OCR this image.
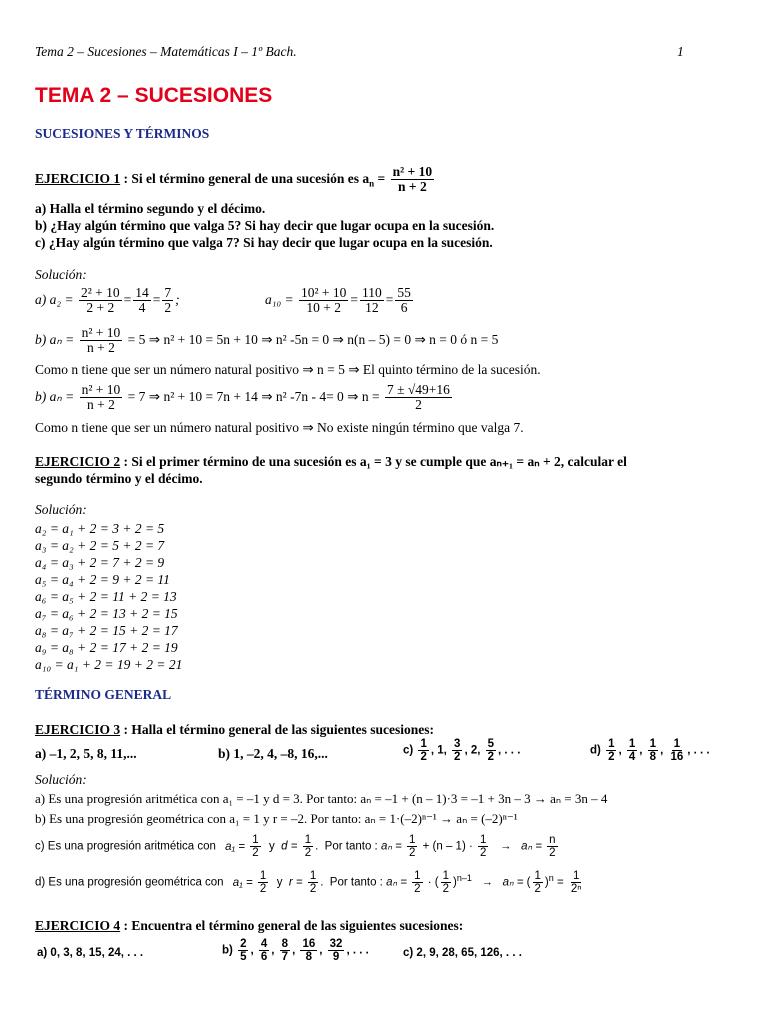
Tema 2 – Sucesiones – Matemáticas I – 1º Bach.	1
TEMA 2 – SUCESIONES
SUCESIONES Y TÉRMINOS
EJERCICIO 1 : Si el término general de una sucesión es $a_n = \frac{\text{n² + 10}}{n + 2}$
a) Halla el término segundo y el décimo.
b) ¿Hay algún término que valga 5? Si hay decir que lugar ocupa en la sucesión.
c) ¿Hay algún término que valga 7? Si hay decir que lugar ocupa en la sucesión.
Solución:
a) $a_2 = \frac{\text{2² + 10}}{2 + 2} = \frac{14}{4} = \frac{7}{2}$ ;	$a_{10} = \frac{\text{10² + 10}}{10 + 2} = \frac{110}{12} = \frac{55}{6}$
b) $a_n = \frac{\text{n² + 10}}{n + 2} = 5$ ⇒ n² + 10 = 5n + 10 ⇒ n² -5n = 0 ⇒ n(n – 5) = 0 ⇒ n = 0 ó n = 5
Como n tiene que ser un número natural positivo ⇒ n = 5 ⇒ El quinto término de la sucesión.
b) $a_n = \frac{\text{n² + 10}}{n + 2} = 7$ ⇒ n² + 10 = 7n + 14 ⇒ n² -7n - 4= 0 ⇒ $n = \frac{7 \pm √49+16}{2}$
Como n tiene que ser un número natural positivo ⇒ No existe ningún término que valga 7.
EJERCICIO 2 : Si el primer término de una sucesión es a₁ = 3 y se cumple que aₙ₊₁ = aₙ + 2, calcular el
segundo término y el décimo.
Solución:
a₂ = a₁ + 2 = 3 + 2 = 5
a₃ = a₂ + 2 = 5 + 2 = 7
a₄ = a₃ + 2 = 7 + 2 = 9
a₅ = a₄ + 2 = 9 + 2 = 11
a₆ = a₅ + 2 = 11 + 2 = 13
a₇ = a₆ + 2 = 13 + 2 = 15
a₈ = a₇ + 2 = 15 + 2 = 17
a₉ = a₈ + 2 = 17 + 2 = 19
a₁₀ = a₁ + 2 = 19 + 2 = 21
TÉRMINO GENERAL
EJERCICIO 3 : Halla el término general de las siguientes sucesiones:
a) –1, 2, 5, 8, 11,...	b) 1, –2, 4, –8, 16,...	$c) \frac{1}{2}$ , 1, $\frac{3}{2}$ , 2, $\frac{5}{2}$ , . . .	$d) \frac{1}{2}$ , $\frac{1}{4}$ , $\frac{1}{8}$ , $\frac{1}{16}$ , . . .
Solución:
a) Es una progresión aritmética con a₁ = –1 y d = 3. Por tanto: aₙ = –1 + (n – 1)·3 = –1 + 3n – 3 → aₙ = 3n – 4
b) Es una progresión geométrica con a₁ = 1 y r = –2. Por tanto: aₙ = 1·(–2)ⁿ⁻¹ → aₙ = (–2)ⁿ⁻¹
c) Es una progresión aritmética con $a_1 = \frac{1}{2}$ y  $d = \frac{1}{2}$ .  Por tanto : $a_n = \frac{1}{2} + (n - 1) \cdot \frac{1}{2} \to a_n = \frac{n}{2}$
d) Es una progresión geométrica con $a_1 = \frac{1}{2}$ y  $r = \frac{1}{2}$ .  Por tanto : $a_n = \frac{1}{2}$ · ( $\frac{1}{2} )^{n-1} \to a_n$ = ( $\frac{1}{2} )^n = \frac{1}{\text{2ⁿ}}$
EJERCICIO 4 : Encuentra el término general de las siguientes sucesiones:
a) 0, 3, 8, 15, 24, . . .	$b) \frac{2}{5}$ , $\frac{4}{6}$ , $\frac{8}{7}$ , $\frac{16}{8}$ , $\frac{32}{9}$ , . . .	c) 2, 9, 28, 65, 126, . . .
